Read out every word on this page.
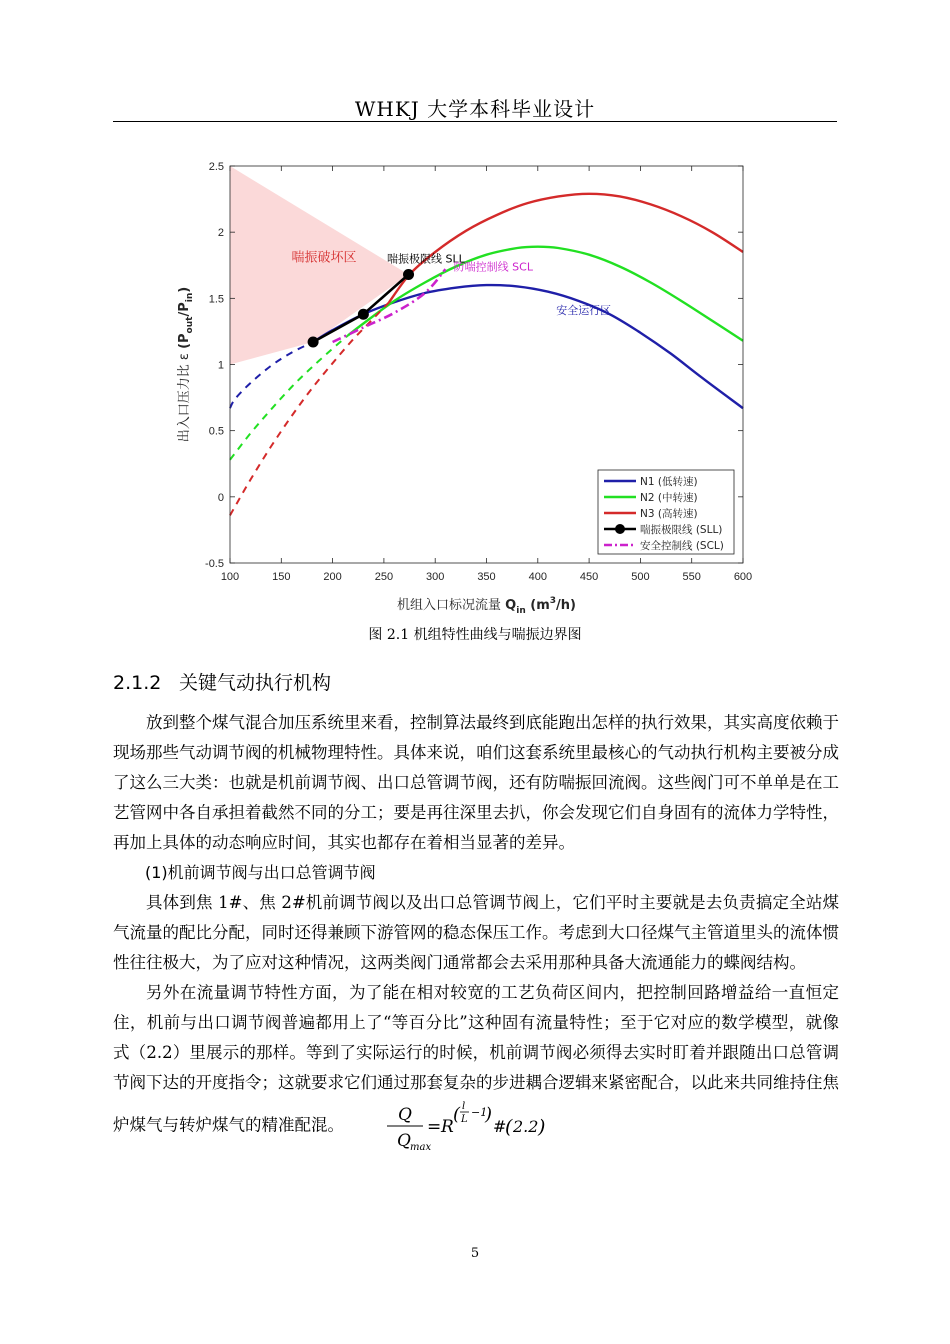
WHKJ 大学本科毕业设计
100	150	200	250	300	350	400	450	500	550	600
-0.5
0
0.5
1
1.5
2
2.5
机组入口标况流量 $Q_{in}$ $(m^3/h)$
出入口压力比 ε $(P_{out}/P_{in})$
喘振破坏区	喘振极限线 SLL
防喘控制线 SCL
安全运行区
N1 (低转速)
N2 (中转速)
N3 (高转速)
喘振极限线 (SLL)
安全控制线 (SCL)
图 2.1 机组特性曲线与喘振边界图
2.1.2 关键气动执行机构

放到整个煤气混合加压系统里来看，控制算法最终到底能跑出怎样的执行效果，其实高度依赖于现场那些气动调节阀的机械物理特性。具体来说，咱们这套系统里最核心的气动执行机构主要被分成了这么三大类：也就是机前调节阀、出口总管调节阀，还有防喘振回流阀。这些阀门可不单单是在工艺管网中各自承担着截然不同的分工；要是再往深里去扒，你会发现它们自身固有的流体力学特性，再加上具体的动态响应时间，其实也都存在着相当显著的差异。

(1)机前调节阀与出口总管调节阀

具体到焦 1#、焦 2#机前调节阀以及出口总管调节阀上，它们平时主要就是去负责搞定全站煤气流量的配比分配，同时还得兼顾下游管网的稳态保压工作。考虑到大口径煤气主管道里头的流体惯性往往极大，为了应对这种情况，这两类阀门通常都会去采用那种具备大流通能力的蝶阀结构。

另外在流量调节特性方面，为了能在相对较宽的工艺负荷区间内，把控制回路增益给一直恒定住，机前与出口调节阀普遍都用上了“等百分比”这种固有流量特性；至于它对应的数学模型，就像式（2.2）里展示的那样。等到了实际运行的时候，机前调节阀必须得去实时盯着并跟随出口总管调节阀下达的开度指令；这就要求它们通过那套复杂的步进耦合逻辑来紧密配合，以此来共同维持住焦炉煤气与转炉煤气的精准配混。	Q
Q max
= R
( l
L
−1
)
#
( 2.2 )

5
